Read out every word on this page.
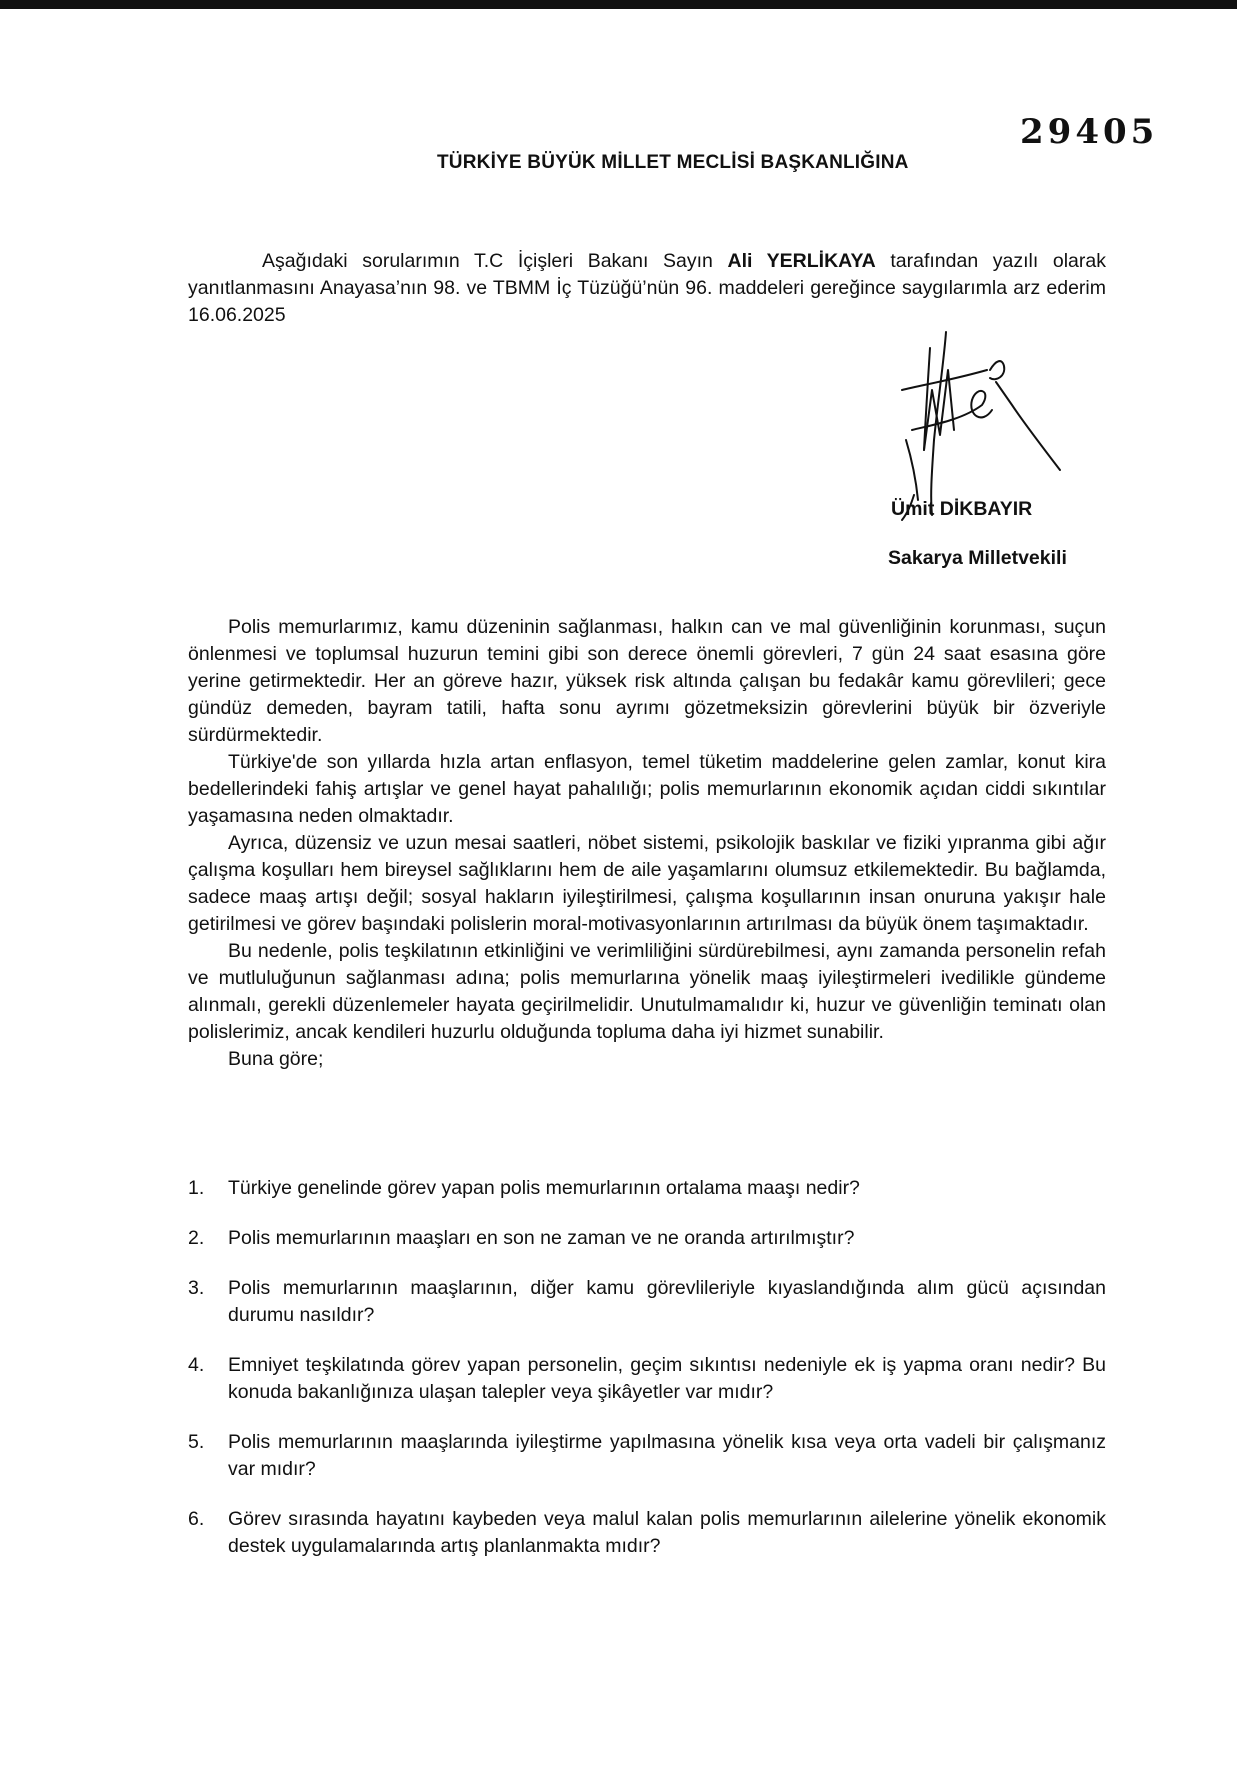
29405
TÜRKİYE BÜYÜK MİLLET MECLİSİ BAŞKANLIĞINA
Aşağıdaki sorularımın T.C İçişleri Bakanı Sayın Ali YERLİKAYA tarafından yazılı olarak yanıtlanmasını Anayasa’nın 98. ve TBMM İç Tüzüğü’nün 96. maddeleri gereğince saygılarımla arz ederim 16.06.2025
Ümit DİKBAYIR
Sakarya Milletvekili

Polis memurlarımız, kamu düzeninin sağlanması, halkın can ve mal güvenliğinin korunması, suçun önlenmesi ve toplumsal huzurun temini gibi son derece önemli görevleri, 7 gün 24 saat esasına göre yerine getirmektedir. Her an göreve hazır, yüksek risk altında çalışan bu fedakâr kamu görevlileri; gece gündüz demeden, bayram tatili, hafta sonu ayrımı gözetmeksizin görevlerini büyük bir özveriyle sürdürmektedir.

Türkiye'de son yıllarda hızla artan enflasyon, temel tüketim maddelerine gelen zamlar, konut kira bedellerindeki fahiş artışlar ve genel hayat pahalılığı; polis memurlarının ekonomik açıdan ciddi sıkıntılar yaşamasına neden olmaktadır.

Ayrıca, düzensiz ve uzun mesai saatleri, nöbet sistemi, psikolojik baskılar ve fiziki yıpranma gibi ağır çalışma koşulları hem bireysel sağlıklarını hem de aile yaşamlarını olumsuz etkilemektedir. Bu bağlamda, sadece maaş artışı değil; sosyal hakların iyileştirilmesi, çalışma koşullarının insan onuruna yakışır hale getirilmesi ve görev başındaki polislerin moral-motivasyonlarının artırılması da büyük önem taşımaktadır.

Bu nedenle, polis teşkilatının etkinliğini ve verimliliğini sürdürebilmesi, aynı zamanda personelin refah ve mutluluğunun sağlanması adına; polis memurlarına yönelik maaş iyileştirmeleri ivedilikle gündeme alınmalı, gerekli düzenlemeler hayata geçirilmelidir. Unutulmamalıdır ki, huzur ve güvenliğin teminatı olan polislerimiz, ancak kendileri huzurlu olduğunda topluma daha iyi hizmet sunabilir.

Buna göre;
1.	Türkiye genelinde görev yapan polis memurlarının ortalama maaşı nedir?
2.	Polis memurlarının maaşları en son ne zaman ve ne oranda artırılmıştır?
3.	Polis memurlarının maaşlarının, diğer kamu görevlileriyle kıyaslandığında alım gücü açısından durumu nasıldır?
4.	Emniyet teşkilatında görev yapan personelin, geçim sıkıntısı nedeniyle ek iş yapma oranı nedir? Bu konuda bakanlığınıza ulaşan talepler veya şikâyetler var mıdır?
5.	Polis memurlarının maaşlarında iyileştirme yapılmasına yönelik kısa veya orta vadeli bir çalışmanız var mıdır?
6.	Görev sırasında hayatını kaybeden veya malul kalan polis memurlarının ailelerine yönelik ekonomik destek uygulamalarında artış planlanmakta mıdır?
